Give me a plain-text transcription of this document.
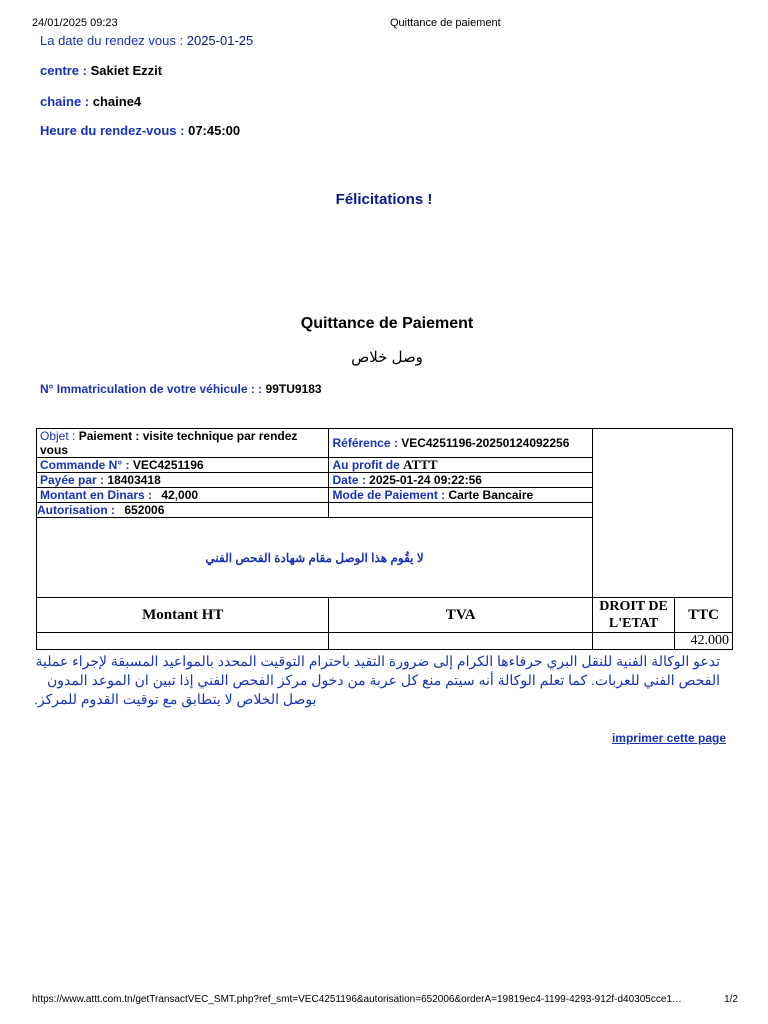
24/01/2025 09:23	Quittance de paiement
La date du rendez vous : 2025-01-25
centre : Sakiet Ezzit
chaine : chaine4
Heure du rendez-vous : 07:45:00
Félicitations !
Quittance de Paiement
وصل خلاص
N° Immatriculation de votre véhicule : : 99TU9183
Objet : Paiement : visite technique par rendez vous	Référence : VEC4251196-20250124092256		
Commande N° : VEC4251196	Au profit de ATTT		
Payée par : 18403418	Date : 2025-01-24 09:22:56		
Montant en Dinars : 42,000	Mode de Paiement : Carte Bancaire		
Autorisation : 652006			
لا يقُوم هذا الوصل مقام شهادة الفحص الفني			
Montant HT	TVA	DROIT DE L'ETAT	TTC
			42.000
تدعو الوكالة الفنية للنقل البري حرفاءها الكرام إلى ضرورة التقيد باحترام التوقيت المحدد بالمواعيد المسبقة لإجراء عملية الفحص الفني للعربات. كما تعلم الوكالة أنه سيتم منع كل عربة من دخول مركز الفحص الفني إذا تبين ان الموعد المدون
بوصل الخلاص لا يتطابق مع توقيت القدوم للمركز.
imprimer cette page
https://www.attt.com.tn/getTransactVEC_SMT.php?ref_smt=VEC4251196&autorisation=652006&orderA=19819ec4-1199-4293-912f-d40305cce1…	1/2
